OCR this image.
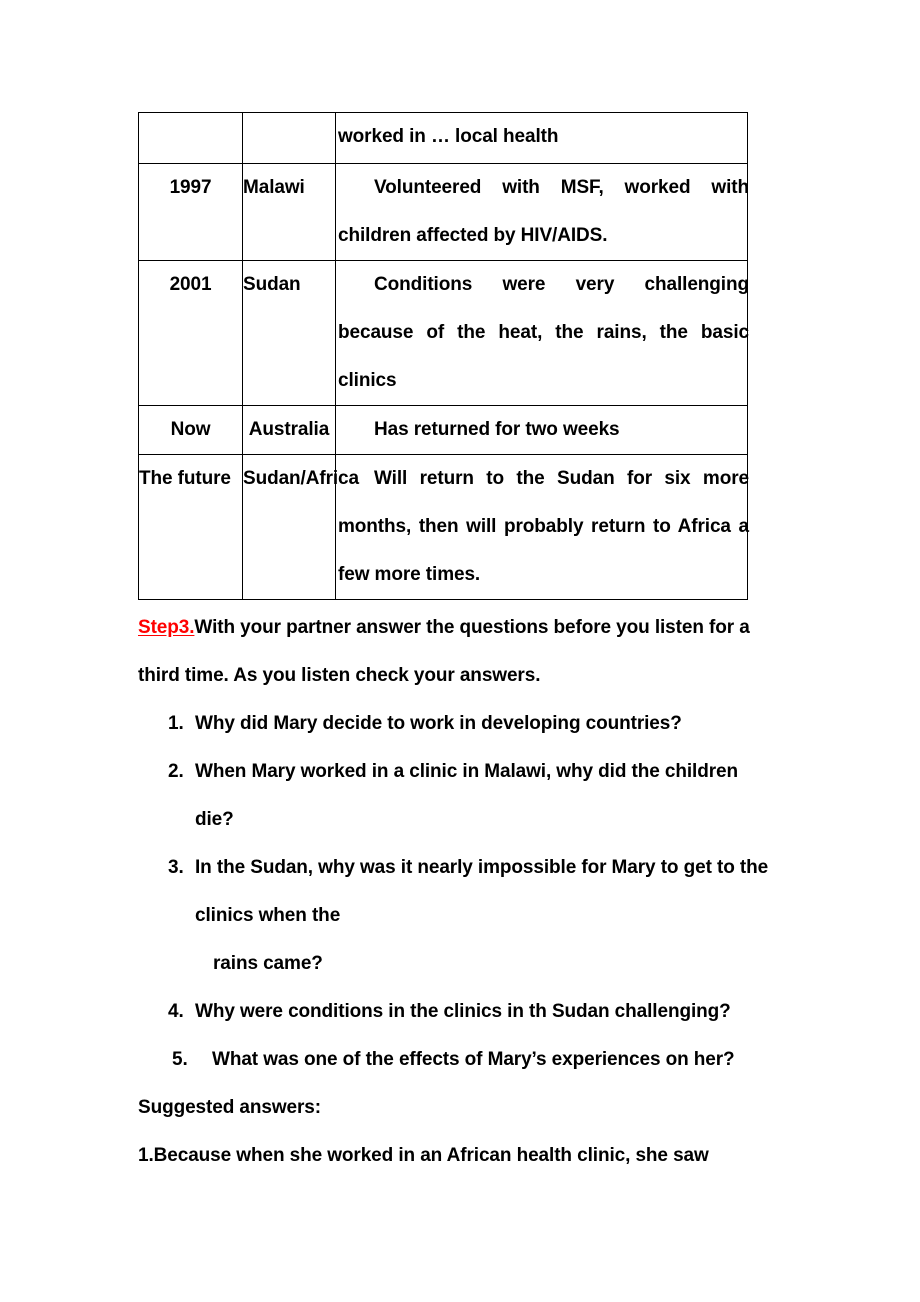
		worked in … local health

1997	Malawi	Volunteered with MSF, worked with children affected by HIV/AIDS.

2001	Sudan	Conditions were very challenging because of the heat, the rains, the basic clinics

Now	Australia	Has returned for two weeks

The future	Sudan/Africa	Will return to the Sudan for six more months, then will probably return to Africa a few more times.
Step3.With your partner answer the questions before you listen for a
third time. As you listen check your answers.
1. Why did Mary decide to work in developing countries?
2. When Mary worked in a clinic in Malawi, why did the children
die?
3. In the Sudan, why was it nearly impossible for Mary to get to the
clinics when the
rains came?
4. Why were conditions in the clinics in th Sudan challenging?
5.	What was one of the effects of Mary’s experiences on her?
Suggested answers:
1.Because when she worked in an African health clinic, she saw
